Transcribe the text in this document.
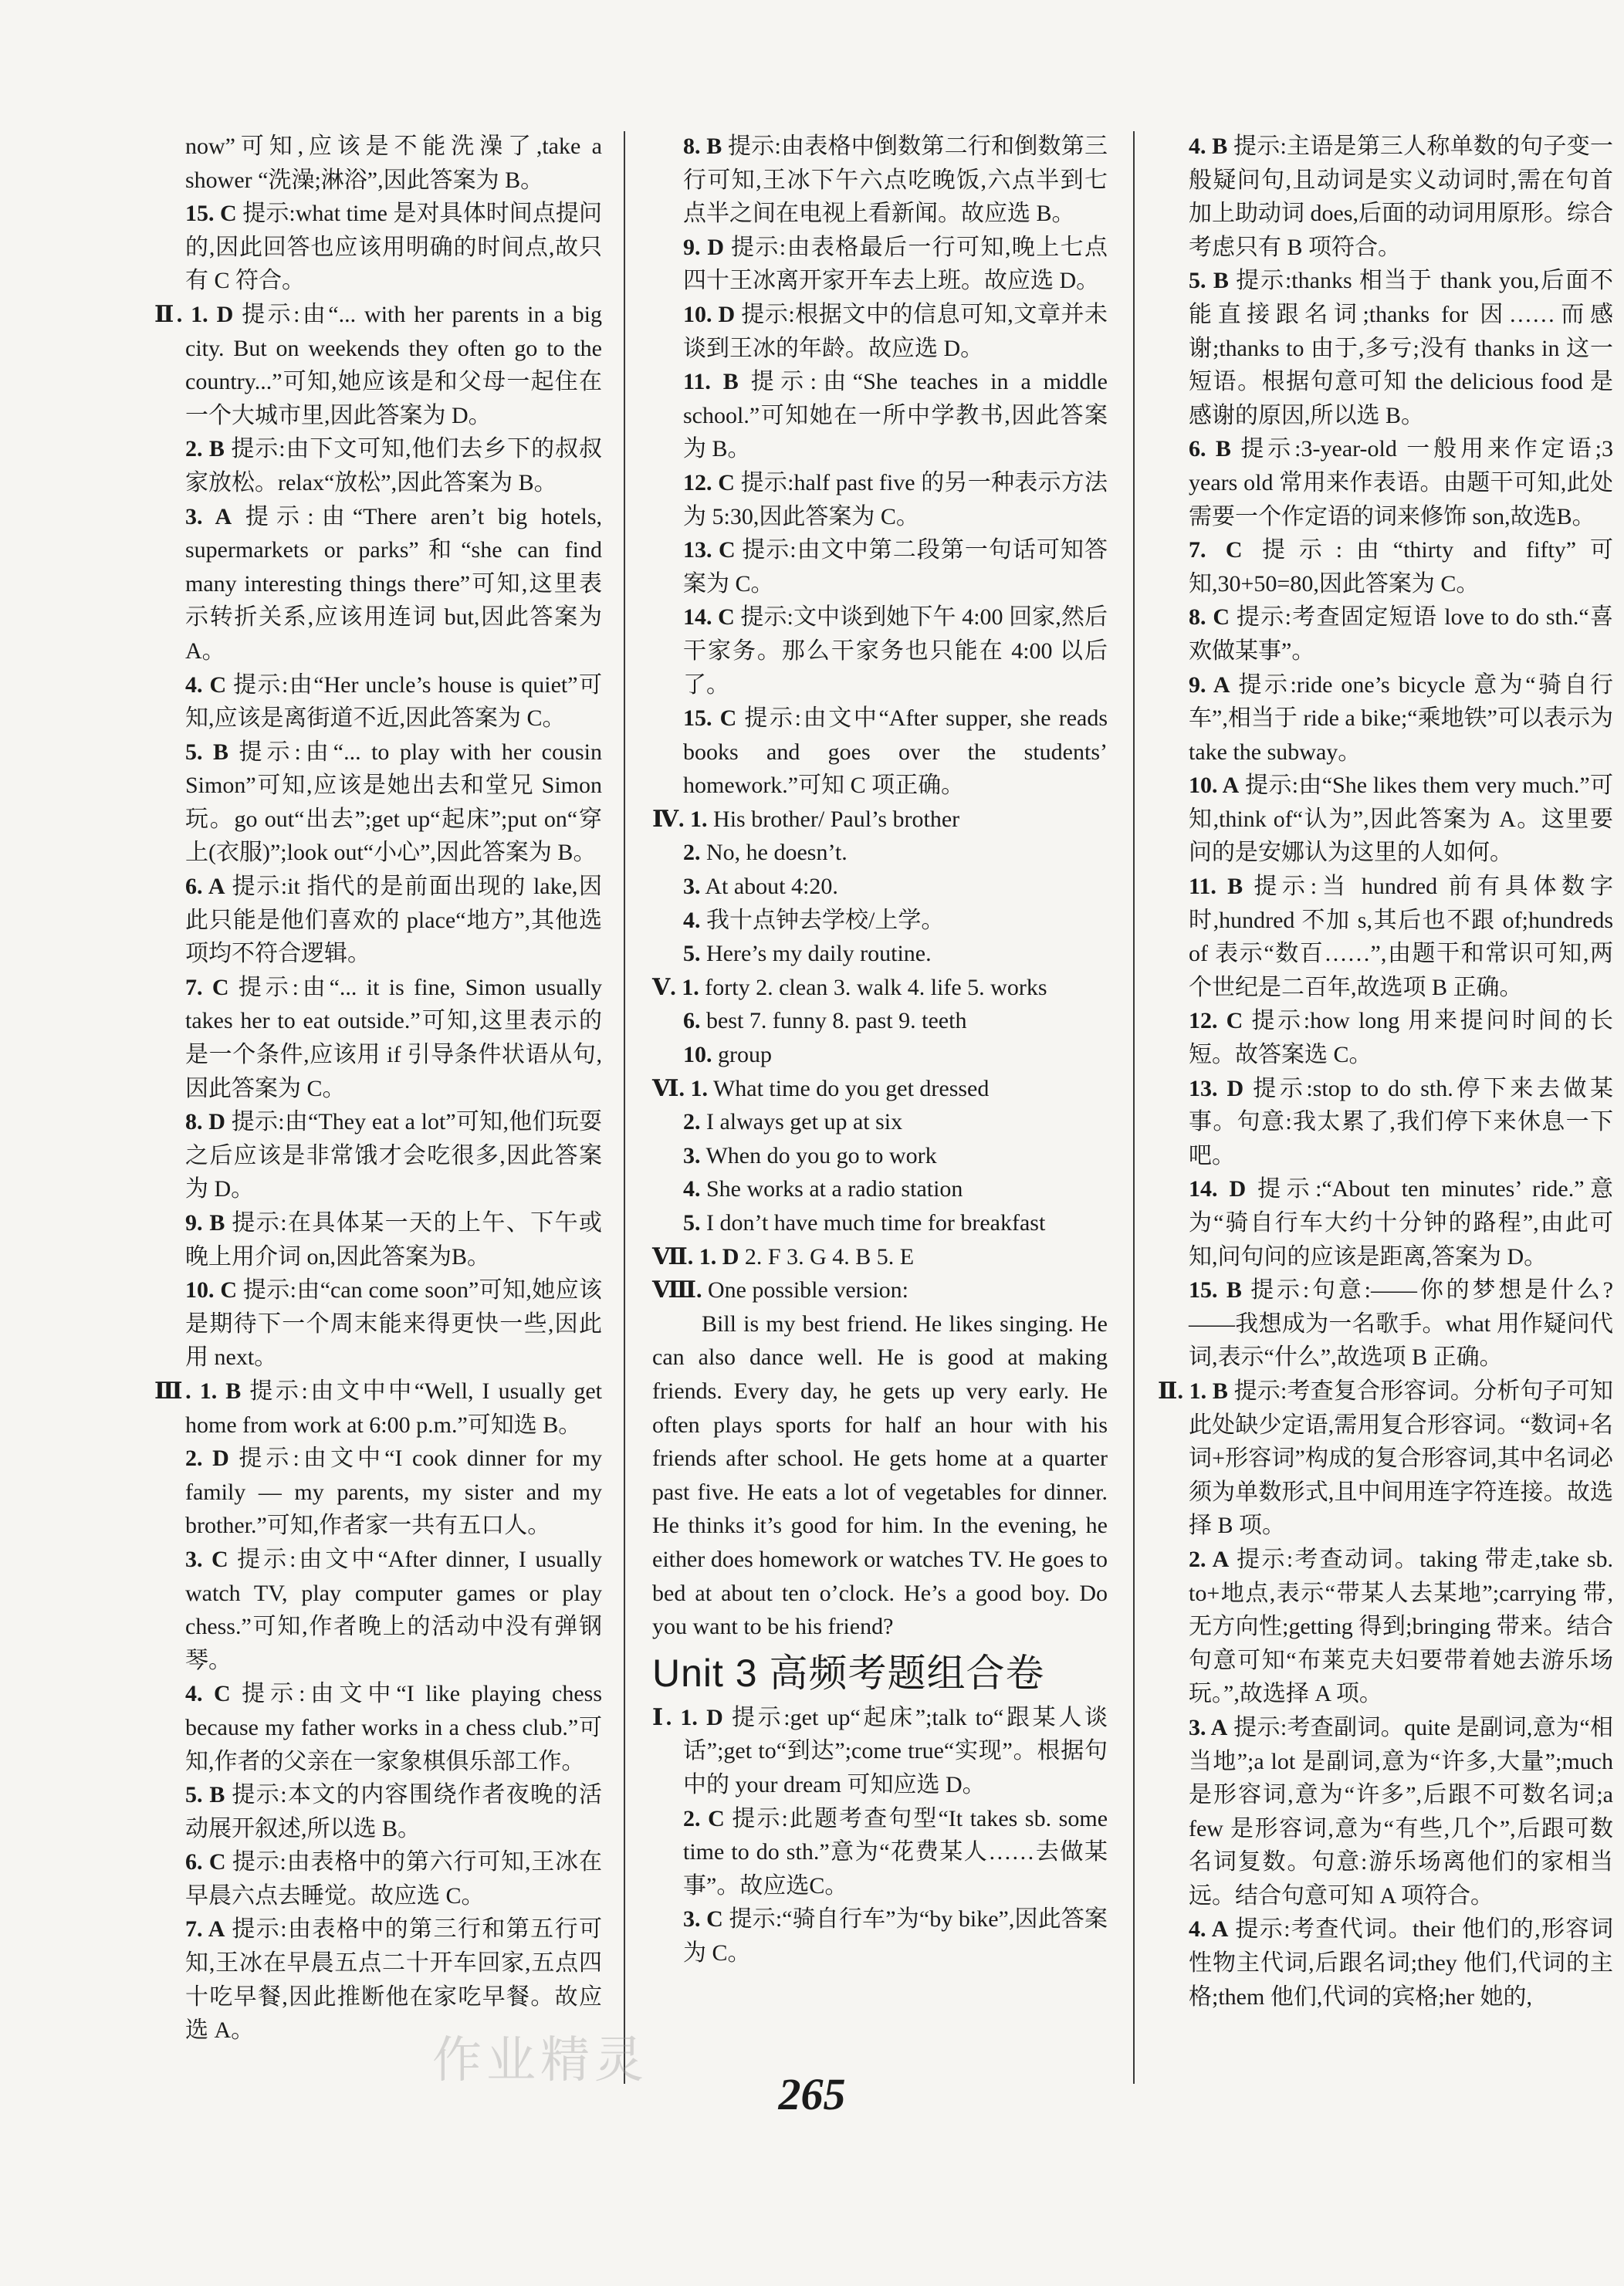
now”可知,应该是不能洗澡了,take a shower “洗澡;淋浴”,因此答案为 B。

15. C 提示:what time 是对具体时间点提问的,因此回答也应该用明确的时间点,故只有 C 符合。

Ⅱ. 1. D 提示:由“... with her parents in a big city. But on weekends they often go to the country...”可知,她应该是和父母一起住在一个大城市里,因此答案为 D。

2. B 提示:由下文可知,他们去乡下的叔叔家放松。relax“放松”,因此答案为 B。

3. A 提示:由“There aren’t big hotels, supermarkets or parks”和“she can find many interesting things there”可知,这里表示转折关系,应该用连词 but,因此答案为A。

4. C 提示:由“Her uncle’s house is quiet”可知,应该是离街道不近,因此答案为 C。

5. B 提示:由“... to play with her cousin Simon”可知,应该是她出去和堂兄 Simon 玩。go out“出去”;get up“起床”;put on“穿上(衣服)”;look out“小心”,因此答案为 B。

6. A 提示:it 指代的是前面出现的 lake,因此只能是他们喜欢的 place“地方”,其他选项均不符合逻辑。

7. C 提示:由“... it is fine, Simon usually takes her to eat outside.”可知,这里表示的是一个条件,应该用 if 引导条件状语从句,因此答案为 C。

8. D 提示:由“They eat a lot”可知,他们玩耍之后应该是非常饿才会吃很多,因此答案为 D。

9. B 提示:在具体某一天的上午、下午或晚上用介词 on,因此答案为B。

10. C 提示:由“can come soon”可知,她应该是期待下一个周末能来得更快一些,因此用 next。

Ⅲ. 1. B 提示:由文中中“Well, I usually get home from work at 6:00 p.m.”可知选 B。

2. D 提示:由文中“I cook dinner for my family — my parents, my sister and my brother.”可知,作者家一共有五口人。

3. C 提示:由文中“After dinner, I usually watch TV, play computer games or play chess.”可知,作者晚上的活动中没有弹钢琴。

4. C 提示:由文中“I like playing chess because my father works in a chess club.”可知,作者的父亲在一家象棋俱乐部工作。

5. B 提示:本文的内容围绕作者夜晚的活动展开叙述,所以选 B。

6. C 提示:由表格中的第六行可知,王冰在早晨六点去睡觉。故应选 C。

7. A 提示:由表格中的第三行和第五行可知,王冰在早晨五点二十开车回家,五点四十吃早餐,因此推断他在家吃早餐。故应选 A。

8. B 提示:由表格中倒数第二行和倒数第三行可知,王冰下午六点吃晚饭,六点半到七点半之间在电视上看新闻。故应选 B。

9. D 提示:由表格最后一行可知,晚上七点四十王冰离开家开车去上班。故应选 D。

10. D 提示:根据文中的信息可知,文章并未谈到王冰的年龄。故应选 D。

11. B 提示:由“She teaches in a middle school.”可知她在一所中学教书,因此答案为 B。

12. C 提示:half past five 的另一种表示方法为 5:30,因此答案为 C。

13. C 提示:由文中第二段第一句话可知答案为 C。

14. C 提示:文中谈到她下午 4:00 回家,然后干家务。那么干家务也只能在 4:00 以后了。

15. C 提示:由文中“After supper, she reads books and goes over the students’ homework.”可知 C 项正确。

Ⅳ. 1. His brother/ Paul’s brother

2. No, he doesn’t.

3. At about 4:20.

4. 我十点钟去学校/上学。

5. Here’s my daily routine.

Ⅴ. 1. forty 2. clean 3. walk 4. life 5. works

6. best 7. funny 8. past 9. teeth

10. group

Ⅵ. 1. What time do you get dressed

2. I always get up at six

3. When do you go to work

4. She works at a radio station

5. I don’t have much time for breakfast

Ⅶ. 1. D 2. F 3. G 4. B 5. E

Ⅷ. One possible version:

Bill is my best friend. He likes singing. He can also dance well. He is good at making friends. Every day, he gets up very early. He often plays sports for half an hour with his friends after school. He gets home at a quarter past five. He eats a lot of vegetables for dinner. He thinks it’s good for him. In the evening, he either does homework or watches TV. He goes to bed at about ten o’clock. He’s a good boy. Do you want to be his friend?

Unit 3 高频考题组合卷

Ⅰ. 1. D 提示:get up“起床”;talk to“跟某人谈话”;get to“到达”;come true“实现”。根据句中的 your dream 可知应选 D。

2. C 提示:此题考查句型“It takes sb. some time to do sth.”意为“花费某人……去做某事”。故应选C。

3. C 提示:“骑自行车”为“by bike”,因此答案为 C。

4. B 提示:主语是第三人称单数的句子变一般疑问句,且动词是实义动词时,需在句首加上助动词 does,后面的动词用原形。综合考虑只有 B 项符合。

5. B 提示:thanks 相当于 thank you,后面不能直接跟名词;thanks for 因……而感谢;thanks to 由于,多亏;没有 thanks in 这一短语。根据句意可知 the delicious food 是感谢的原因,所以选 B。

6. B 提示:3-year-old 一般用来作定语;3 years old 常用来作表语。由题干可知,此处需要一个作定语的词来修饰 son,故选B。

7. C 提示:由“thirty and fifty”可知,30+50=80,因此答案为 C。

8. C 提示:考查固定短语 love to do sth.“喜欢做某事”。

9. A 提示:ride one’s bicycle 意为“骑自行车”,相当于 ride a bike;“乘地铁”可以表示为 take the subway。

10. A 提示:由“She likes them very much.”可知,think of“认为”,因此答案为 A。这里要问的是安娜认为这里的人如何。

11. B 提示:当 hundred 前有具体数字时,hundred 不加 s,其后也不跟 of;hundreds of 表示“数百……”,由题干和常识可知,两个世纪是二百年,故选项 B 正确。

12. C 提示:how long 用来提问时间的长短。故答案选 C。

13. D 提示:stop to do sth.停下来去做某事。句意:我太累了,我们停下来休息一下吧。

14. D 提示:“About ten minutes’ ride.”意为“骑自行车大约十分钟的路程”,由此可知,问句问的应该是距离,答案为 D。

15. B 提示:句意:——你的梦想是什么?——我想成为一名歌手。what 用作疑问代词,表示“什么”,故选项 B 正确。

Ⅱ. 1. B 提示:考查复合形容词。分析句子可知此处缺少定语,需用复合形容词。“数词+名词+形容词”构成的复合形容词,其中名词必须为单数形式,且中间用连字符连接。故选择 B 项。

2. A 提示:考查动词。taking 带走,take sb. to+地点,表示“带某人去某地”;carrying 带,无方向性;getting 得到;bringing 带来。结合句意可知“布莱克夫妇要带着她去游乐场玩。”,故选择 A 项。

3. A 提示:考查副词。quite 是副词,意为“相当地”;a lot 是副词,意为“许多,大量”;much 是形容词,意为“许多”,后跟不可数名词;a few 是形容词,意为“有些,几个”,后跟可数名词复数。句意:游乐场离他们的家相当远。结合句意可知 A 项符合。

4. A 提示:考查代词。their 他们的,形容词性物主代词,后跟名词;they 他们,代词的主格;them 他们,代词的宾格;her 她的,

作业精灵
265
